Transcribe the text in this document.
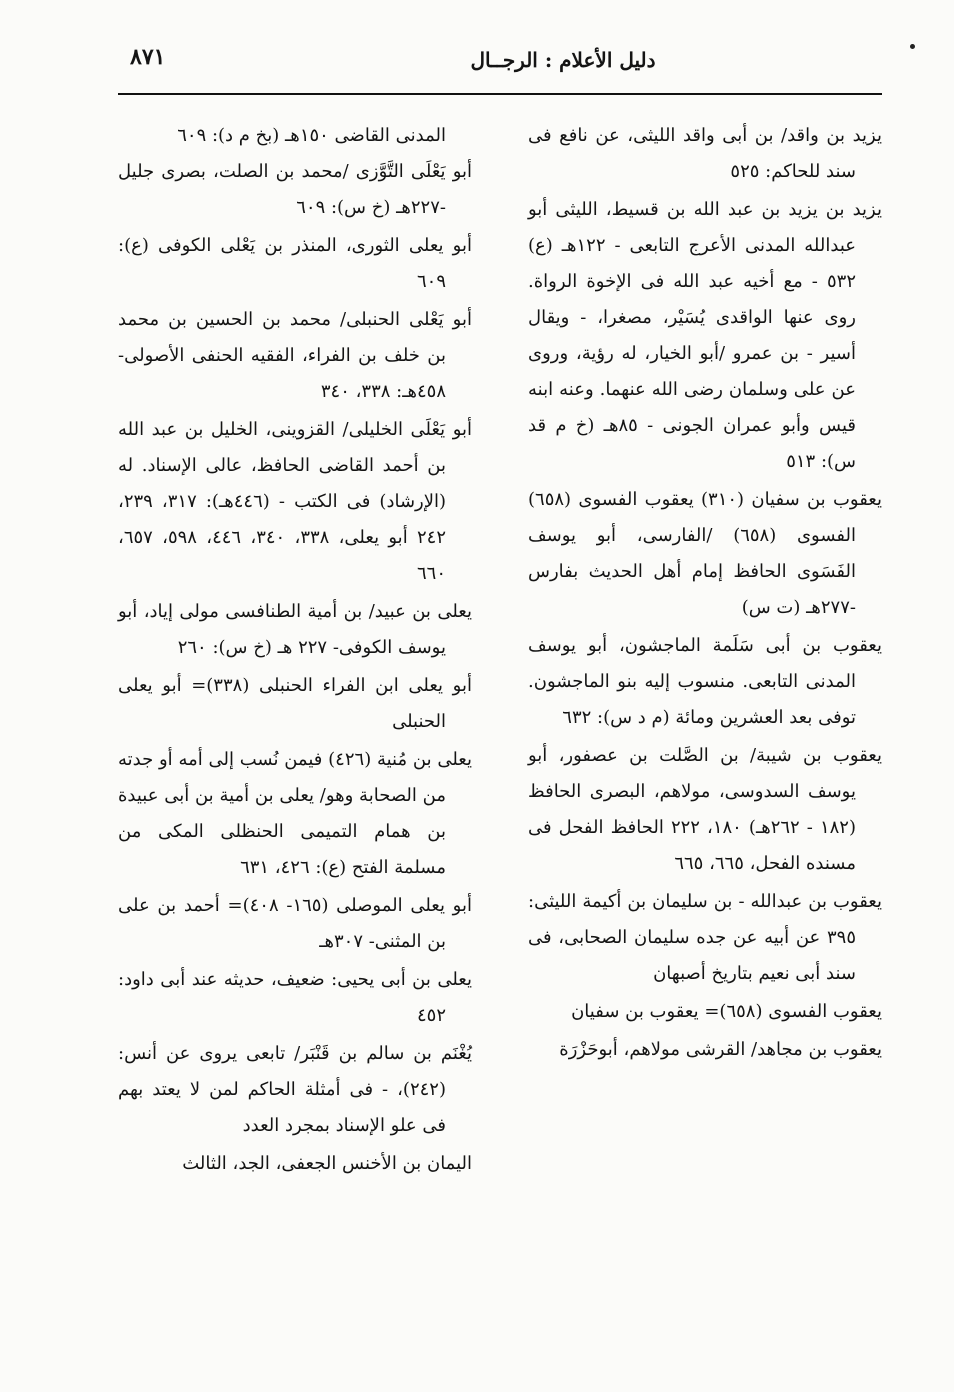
٨٧١	دليل الأعلام : الرجــال
يزيد بن واقد/ بن أبى واقد الليثى، عن نافع فى سند للحاكم: ٥٢٥
يزيد بن يزيد بن عبد الله بن قسيط، الليثى أبو عبدالله المدنى الأعرج التابعى - ١٢٢هـ (ع) ٥٣٢ - مع أخيه عبد الله فى الإخوة الرواة. روى عنها الواقدى يُسَيْر، مصغرا، - ويقال أسير - بن عمرو /أبو الخيار، له رؤية، وروى عن على وسلمان رضى الله عنهما. وعنه ابنه قيس وأبو عمران الجونى - ٨٥هـ (خ م قد س): ٥١٣
يعقوب بن سفيان (٣١٠) يعقوب الفسوى (٦٥٨) الفسوى (٦٥٨) /الفارسى، أبو يوسف الفَسَوى الحافظ إمام أهل الحديث بفارس -٢٧٧هـ (ت س)
يعقوب بن أبى سَلَمة الماجشون، أبو يوسف المدنى التابعى. منسوب إليه بنو الماجشون. توفى بعد العشرين ومائة (م د س): ٦٣٢
يعقوب بن شيبة/ بن الصَّلت بن عصفور، أبو يوسف السدوسى، مولاهم، البصرى الحافظ (١٨٢ - ٢٦٢هـ) ١٨٠، ٢٢٢ الحافظ الفحل فى مسنده الفحل، ٦٦٥، ٦٦٥
يعقوب بن عبدالله - بن سليمان بن أكيمة الليثى: ٣٩٥ عن أبيه عن جده سليمان الصحابى، فى سند أبى نعيم بتاريخ أصبهان
يعقوب الفسوى (٦٥٨)= يعقوب بن سفيان
يعقوب بن مجاهد/ القرشى مولاهم، أبوحَزْرَة
المدنى القاضى ١٥٠هـ (بخ م د): ٦٠٩
أبو يَعْلَى التَّوَّزى /محمد بن الصلت، بصرى جليل -٢٢٧هـ (خ س): ٦٠٩
أبو يعلى الثورى، المنذر بن يَعْلى الكوفى (ع): ٦٠٩
أبو يَعْلى الحنبلى/ محمد بن الحسين بن محمد بن خلف بن الفراء، الفقيه الحنفى الأصولى- ٤٥٨هـ: ٣٣٨، ٣٤٠
أبو يَعْلَى الخليلى/ القزوينى، الخليل بن عبد الله بن أحمد القاضى الحافظ، عالى الإسناد. له (الإرشاد) فى الكتب - (٤٤٦هـ): ٣١٧، ٢٣٩، ٢٤٢ أبو يعلى، ٣٣٨، ٣٤٠، ٤٤٦، ٥٩٨، ٦٥٧، ٦٦٠
يعلى بن عبيد/ بن أمية الطنافسى مولى إياد، أبو يوسف الكوفى- ٢٢٧ هـ (خ س): ٢٦٠
أبو يعلى ابن الفراء الحنبلى (٣٣٨)= أبو يعلى الحنبلى
يعلى بن مُنية (٤٢٦) فيمن نُسب إلى أمه أو جدته من الصحابة وهو/ يعلى بن أمية بن أبى عبيدة بن همام التميمى الحنظلى المكى من مسلمة الفتح (ع): ٤٢٦، ٦٣١
أبو يعلى الموصلى (١٦٥- ٤٠٨)= أحمد بن على بن المثنى- ٣٠٧هـ
يعلى بن أبى يحيى: ضعيف، حديثه عند أبى داود: ٤٥٢
يُغْنَم بن سالم بن قَنْبَر/ تابعى يروى عن أنس: (٢٤٢)، - فى أمثلة الحاكم لمن لا يعتد بهم فى علو الإسناد بمجرد العدد
اليمان بن الأخنس الجعفى، الجد، الثالث
